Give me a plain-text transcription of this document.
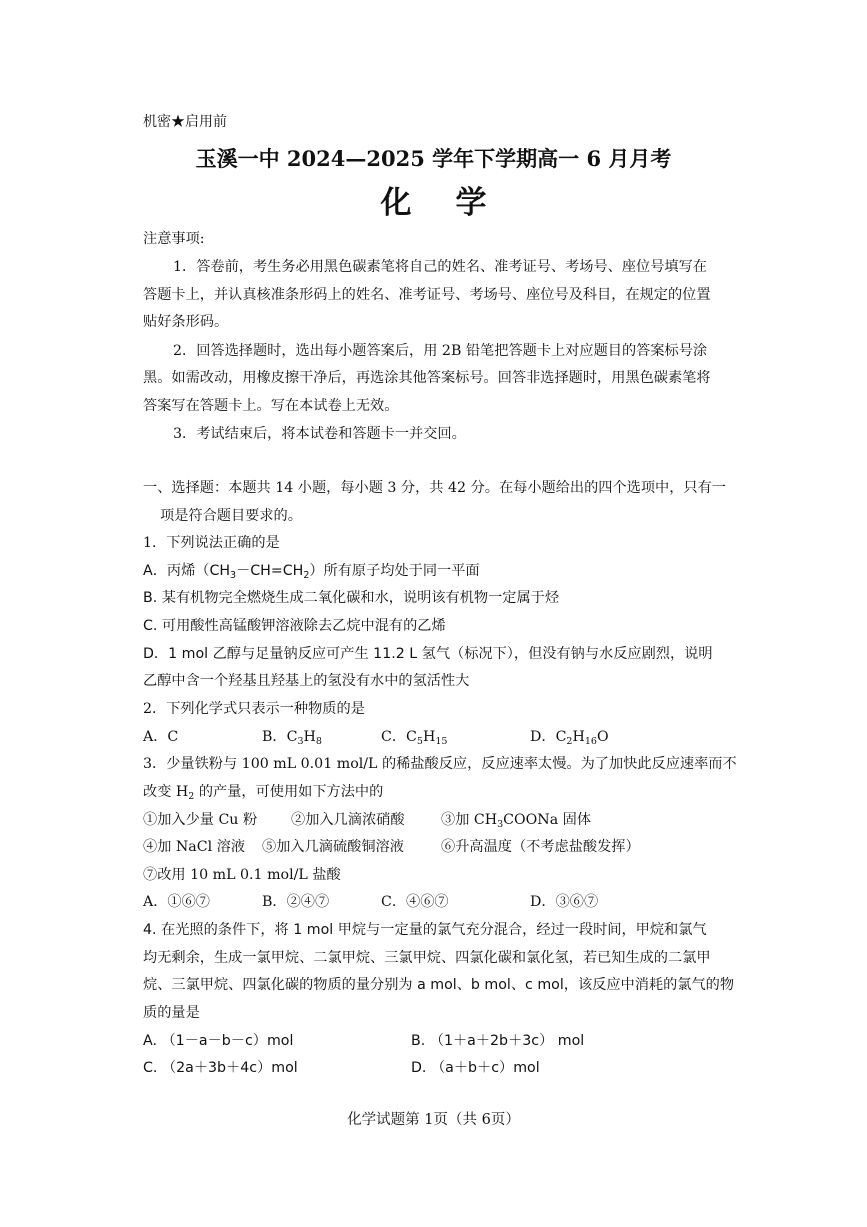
机密★启用前
玉溪一中 2024—2025 学年下学期高一 6 月月考
化学
注意事项:
1．答卷前，考生务必用黑色碳素笔将自己的姓名、准考证号、考场号、座位号填写在
答题卡上，并认真核准条形码上的姓名、准考证号、考场号、座位号及科目，在规定的位置
贴好条形码。
2．回答选择题时，选出每小题答案后，用 2B 铅笔把答题卡上对应题目的答案标号涂
黑。如需改动，用橡皮擦干净后，再选涂其他答案标号。回答非选择题时，用黑色碳素笔将
答案写在答题卡上。写在本试卷上无效。
3．考试结束后，将本试卷和答题卡一并交回。
一、选择题：本题共 14 小题，每小题 3 分，共 42 分。在每小题给出的四个选项中，只有一
项是符合题目要求的。
1．下列说法正确的是
A．丙烯$(CH_3-CH=CH_2)$所有原子均处于同一平面
B. 某有机物完全燃烧生成二氧化碳和水，说明该有机物一定属于烃
C. 可用酸性高锰酸钾溶液除去乙烷中混有的乙烯
D．1 mol 乙醇与足量钠反应可产生 11.2 L 氢气（标况下），但没有钠与水反应剧烈，说明
乙醇中含一个羟基且羟基上的氢没有水中的氢活性大
2．下列化学式只表示一种物质的是
A．C	B．$C_3H_8$	C．$C_5H_{15}$	D．$C_2H_{16}O$
3．少量铁粉与 100 mL 0.01 mol/L 的稀盐酸反应，反应速率太慢。为了加快此反应速率而不
改变 $H_2$ 的产量，可使用如下方法中的
①加入少量 Cu 粉 ②加入几滴浓硝酸	③加 $CH_3COONa$ 固体
④加 NaCl 溶液 ⑤加入几滴硫酸铜溶液	⑥升高温度（不考虑盐酸发挥）
⑦改用 10 mL 0.1 mol/L 盐酸
A．①⑥⑦	B．②④⑦	C．④⑥⑦	D．③⑥⑦
4. 在光照的条件下，将 1 mol 甲烷与一定量的氯气充分混合，经过一段时间，甲烷和氯气
均无剩余，生成一氯甲烷、二氯甲烷、三氯甲烷、四氯化碳和氯化氢，若已知生成的二氯甲
烷、三氯甲烷、四氯化碳的物质的量分别为 a mol、b mol、c mol，该反应中消耗的氯气的物
质的量是
A. （1－a－b－c）mol	B. （1＋a＋2b＋3c） mol
C. （2a＋3b＋4c）mol	D. （a＋b＋c）mol
化学试题第 1页（共 6页）
